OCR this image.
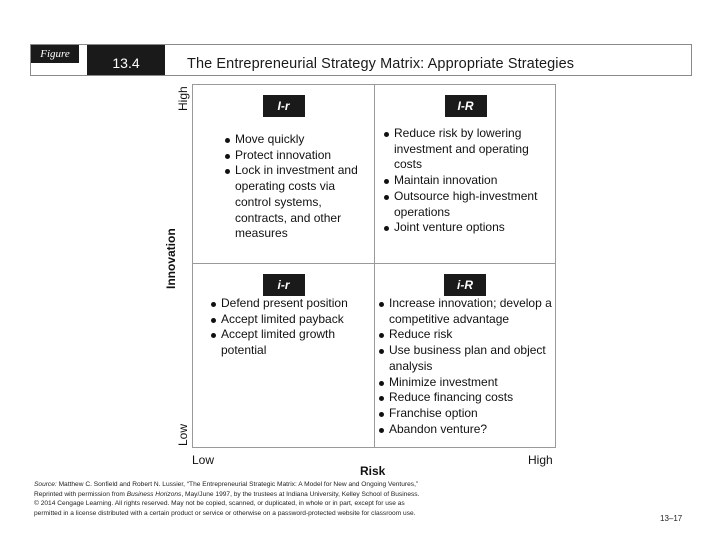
Figure
13.4	The Entrepreneurial Strategy Matrix: Appropriate Strategies
I-r
Move quickly
Protect innovation
Lock in investment and operating costs via control systems, contracts, and other measures
I-R
Reduce risk by lowering investment and operating costs
Maintain innovation
Outsource high-investment operations
Joint venture options
i-r
Defend present position
Accept limited payback
Accept limited growth potential
i-R
Increase innovation; develop a competitive advantage
Reduce risk
Use business plan and object analysis
Minimize investment
Reduce financing costs
Franchise option
Abandon venture?
High
Innovation
Low
Low	High
Risk
Source: Matthew C. Sonfield and Robert N. Lussier, “The Entrepreneurial Strategic Matrix: A Model for New and Ongoing Ventures,”
Reprinted with permission from Business Horizons, May/June 1997, by the trustees at Indiana University, Kelley School of Business.
© 2014 Cengage Learning. All rights reserved. May not be copied, scanned, or duplicated, in whole or in part, except for use as
permitted in a license distributed with a certain product or service or otherwise on a password-protected website for classroom use.
13–17
